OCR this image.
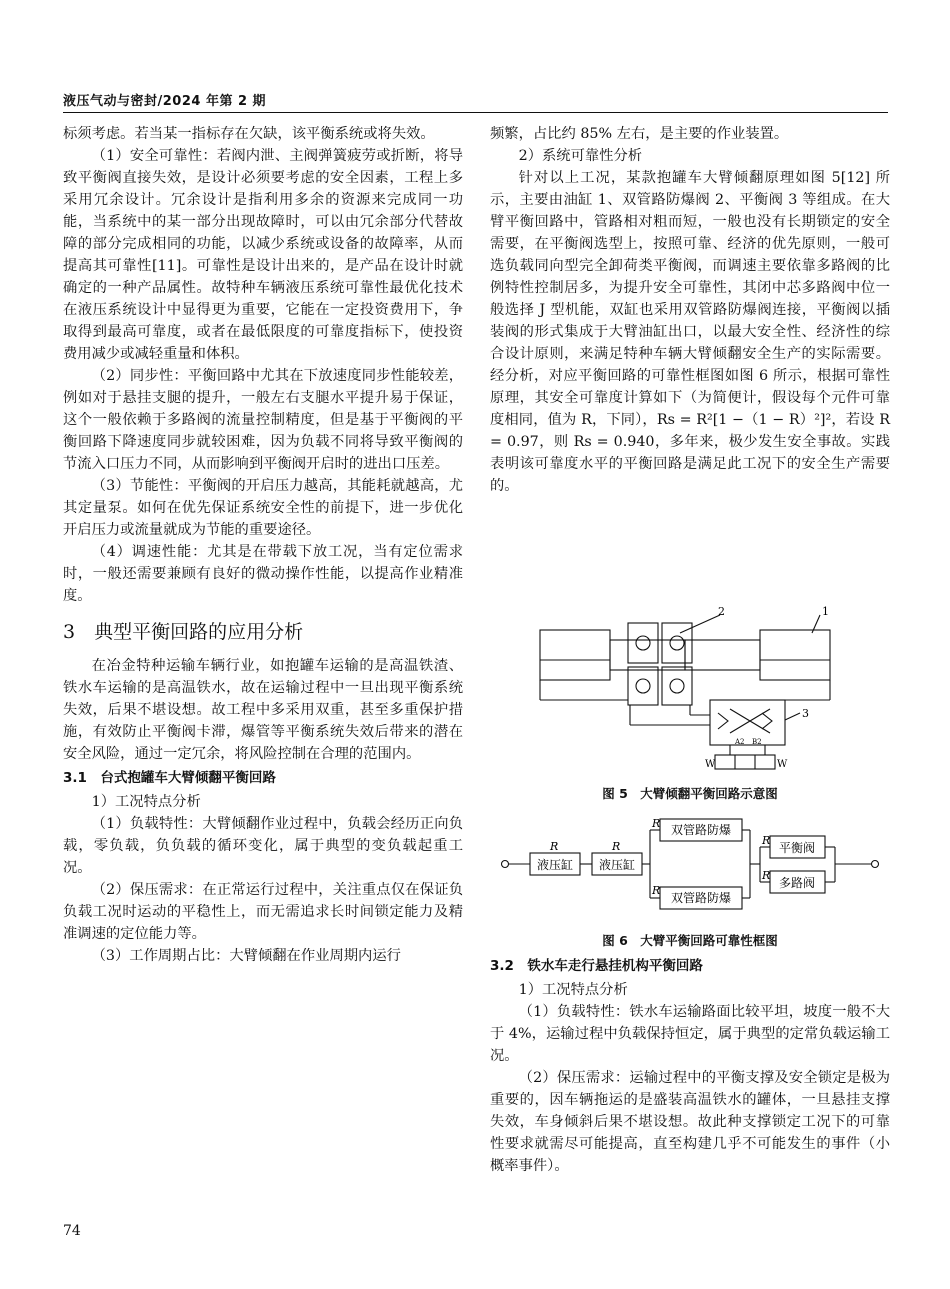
液压气动与密封/2024 年第 2 期

标须考虑。若当某一指标存在欠缺，该平衡系统或将失效。

（1）安全可靠性：若阀内泄、主阀弹簧疲劳或折断，将导致平衡阀直接失效，是设计必须要考虑的安全因素，工程上多采用冗余设计。冗余设计是指利用多余的资源来完成同一功能，当系统中的某一部分出现故障时，可以由冗余部分代替故障的部分完成相同的功能，以减少系统或设备的故障率，从而提高其可靠性[11]。可靠性是设计出来的，是产品在设计时就确定的一种产品属性。故特种车辆液压系统可靠性最优化技术在液压系统设计中显得更为重要，它能在一定投资费用下，争取得到最高可靠度，或者在最低限度的可靠度指标下，使投资费用减少或减轻重量和体积。

（2）同步性：平衡回路中尤其在下放速度同步性能较差，例如对于悬挂支腿的提升，一般左右支腿水平提升易于保证，这个一般依赖于多路阀的流量控制精度，但是基于平衡阀的平衡回路下降速度同步就较困难，因为负载不同将导致平衡阀的节流入口压力不同，从而影响到平衡阀开启时的进出口压差。

（3）节能性：平衡阀的开启压力越高，其能耗就越高，尤其定量泵。如何在优先保证系统安全性的前提下，进一步优化开启压力或流量就成为节能的重要途径。

（4）调速性能：尤其是在带载下放工况，当有定位需求时，一般还需要兼顾有良好的微动操作性能，以提高作业精准度。

3　典型平衡回路的应用分析

在冶金特种运输车辆行业，如抱罐车运输的是高温铁渣、铁水车运输的是高温铁水，故在运输过程中一旦出现平衡系统失效，后果不堪设想。故工程中多采用双重，甚至多重保护措施，有效防止平衡阀卡滞，爆管等平衡系统失效后带来的潜在安全风险，通过一定冗余，将风险控制在合理的范围内。

3.1　台式抱罐车大臂倾翻平衡回路

1）工况特点分析

（1）负载特性：大臂倾翻作业过程中，负载会经历正向负载，零负载，负负载的循环变化，属于典型的变负载起重工况。

（2）保压需求：在正常运行过程中，关注重点仅在保证负负载工况时运动的平稳性上，而无需追求长时间锁定能力及精准调速的定位能力等。

（3）工作周期占比：大臂倾翻在作业周期内运行

频繁，占比约 85% 左右，是主要的作业装置。

2）系统可靠性分析

针对以上工况，某款抱罐车大臂倾翻原理如图 5[12] 所示，主要由油缸 1、双管路防爆阀 2、平衡阀 3 等组成。在大臂平衡回路中，管路相对粗而短，一般也没有长期锁定的安全需要，在平衡阀选型上，按照可靠、经济的优先原则，一般可选负载同向型完全卸荷类平衡阀，而调速主要依靠多路阀的比例特性控制居多，为提升安全可靠性，其闭中芯多路阀中位一般选择 J 型机能，双缸也采用双管路防爆阀连接，平衡阀以插装阀的形式集成于大臂油缸出口，以最大安全性、经济性的综合设计原则，来满足特种车辆大臂倾翻安全生产的实际需要。经分析，对应平衡回路的可靠性框图如图 6 所示，根据可靠性原理，其安全可靠度计算如下（为简便计，假设每个元件可靠度相同，值为 R，下同），Rs = R²[1 −（1 − R）²]²，若设 R = 0.97，则 Rs = 0.940，多年来，极少发生安全事故。实践表明该可靠度水平的平衡回路是满足此工况下的安全生产需要的。

2	1
3
A2 B2
W	W
图 5　大臂倾翻平衡回路示意图
R	R
R
R
R
R
液压缸 液压缸
双管路防爆
双管路防爆
平衡阀
多路阀
图 6　大臂平衡回路可靠性框图

3.2　铁水车走行悬挂机构平衡回路

1）工况特点分析

（1）负载特性：铁水车运输路面比较平坦，坡度一般不大于 4%，运输过程中负载保持恒定，属于典型的定常负载运输工况。

（2）保压需求：运输过程中的平衡支撑及安全锁定是极为重要的，因车辆拖运的是盛装高温铁水的罐体，一旦悬挂支撑失效，车身倾斜后果不堪设想。故此种支撑锁定工况下的可靠性要求就需尽可能提高，直至构建几乎不可能发生的事件（小概率事件）。

74
